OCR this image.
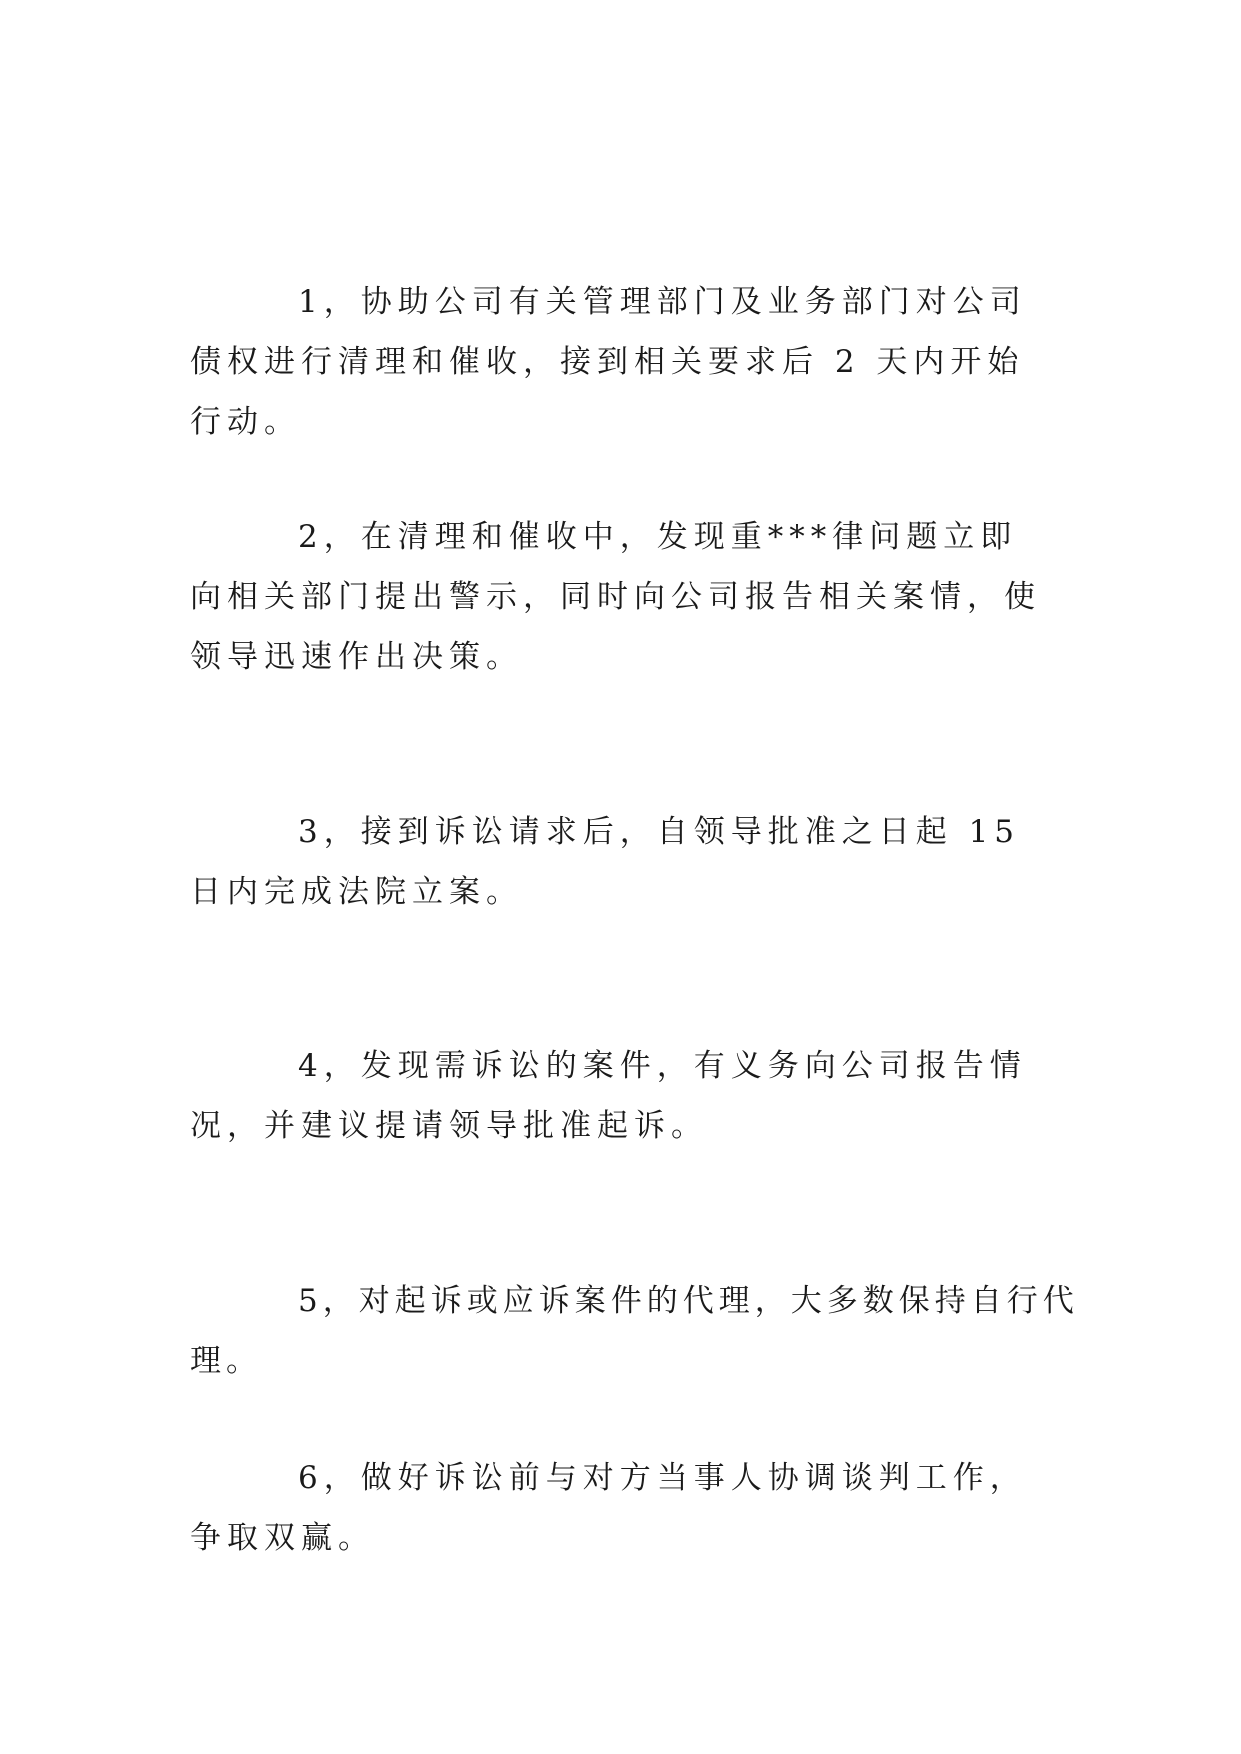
1，协助公司有关管理部门及业务部门对公司债权进行清理和催收，接到相关要求后 2 天内开始行动。

2，在清理和催收中，发现重***律问题立即向相关部门提出警示，同时向公司报告相关案情，使领导迅速作出决策。

3，接到诉讼请求后，自领导批准之日起 15 日内完成法院立案。

4，发现需诉讼的案件，有义务向公司报告情况，并建议提请领导批准起诉。

5，对起诉或应诉案件的代理，大多数保持自行代理。

6，做好诉讼前与对方当事人协调谈判工作，争取双赢。
